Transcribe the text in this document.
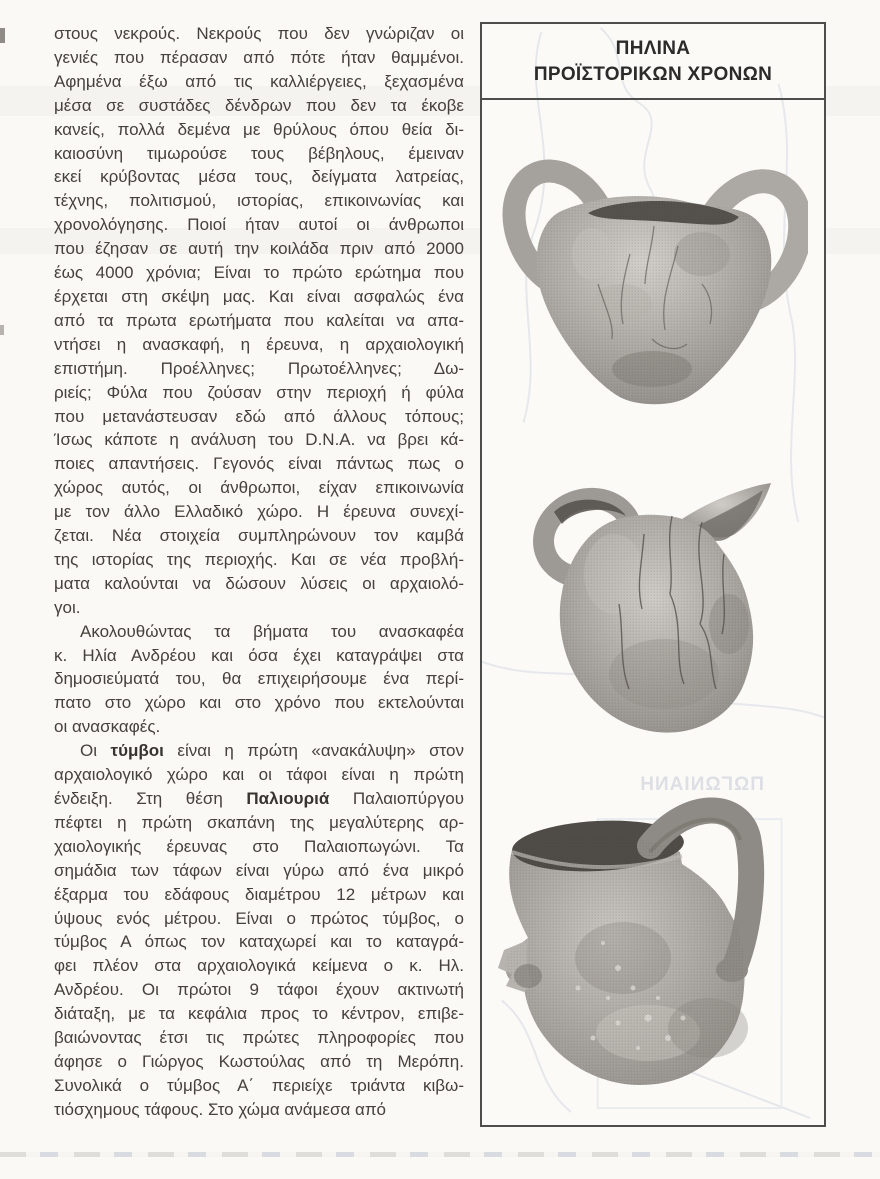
στους νεκρούς. Νεκρούς που δεν γνώριζαν οι
γενιές που πέρασαν από πότε ήταν θαμμένοι.
Αφημένα έξω από τις καλλιέργειες, ξεχασμένα
μέσα σε συστάδες δένδρων που δεν τα έκοβε
κανείς, πολλά δεμένα με θρύλους όπου θεία δι-
καιοσύνη τιμωρούσε τους βέβηλους, έμειναν
εκεί κρύβοντας μέσα τους, δείγματα λατρείας,
τέχνης, πολιτισμού, ιστορίας, επικοινωνίας και
χρονολόγησης. Ποιοί ήταν αυτοί οι άνθρωποι
που έζησαν σε αυτή την κοιλάδα πριν από 2000
έως 4000 χρόνια; Είναι το πρώτο ερώτημα που
έρχεται στη σκέψη μας. Και είναι ασφαλώς ένα
από τα πρωτα ερωτήματα που καλείται να απα-
ντήσει η ανασκαφή, η έρευνα, η αρχαιολογική
επιστήμη. Προέλληνες; Πρωτοέλληνες; Δω-
ριείς; Φύλα που ζούσαν στην περιοχή ή φύλα
που μετανάστευσαν εδώ από άλλους τόπους;
Ίσως κάποτε η ανάλυση του D.N.A. να βρει κά-
ποιες απαντήσεις. Γεγονός είναι πάντως πως ο
χώρος αυτός, οι άνθρωποι, είχαν επικοινωνία
με τον άλλο Ελλαδικό χώρο. Η έρευνα συνεχί-
ζεται. Νέα στοιχεία συμπληρώνουν τον καμβά
της ιστορίας της περιοχής. Και σε νέα προβλή-
ματα καλούνται να δώσουν λύσεις οι αρχαιολό-
γοι.
Ακολουθώντας τα βήματα του ανασκαφέα
κ. Ηλία Ανδρέου και όσα έχει καταγράψει στα
δημοσιεύματά του, θα επιχειρήσουμε ένα περί-
πατο στο χώρο και στο χρόνο που εκτελούνται
οι ανασκαφές.
Οι τύμβοι είναι η πρώτη «ανακάλυψη» στον
αρχαιολογικό χώρο και οι τάφοι είναι η πρώτη
ένδειξη. Στη θέση Παλιουριά Παλαιοπύργου
πέφτει η πρώτη σκαπάνη της μεγαλύτερης αρ-
χαιολογικής έρευνας στο Παλαιοπωγώνι. Τα
σημάδια των τάφων είναι γύρω από ένα μικρό
έξαρμα του εδάφους διαμέτρου 12 μέτρων και
ύψους ενός μέτρου. Είναι ο πρώτος τύμβος, ο
τύμβος Α όπως τον καταχωρεί και το καταγρά-
φει πλέον στα αρχαιολογικά κείμενα ο κ. Ηλ.
Ανδρέου. Οι πρώτοι 9 τάφοι έχουν ακτινωτή
διάταξη, με τα κεφάλια προς το κέντρον, επιβε-
βαιώνοντας έτσι τις πρώτες πληροφορίες που
άφησε ο Γιώργος Κωστούλας από τη Μερόπη.
Συνολικά ο τύμβος Α΄ περιείχε τριάντα κιβω-
τιόσχημους τάφους. Στο χώμα ανάμεσα από
ΠΩΓΩΝΙΑΝΗ
ΠΗΛΙΝΑ
ΠΡΟΪΣΤΟΡΙΚΩΝ ΧΡΟΝΩΝ
